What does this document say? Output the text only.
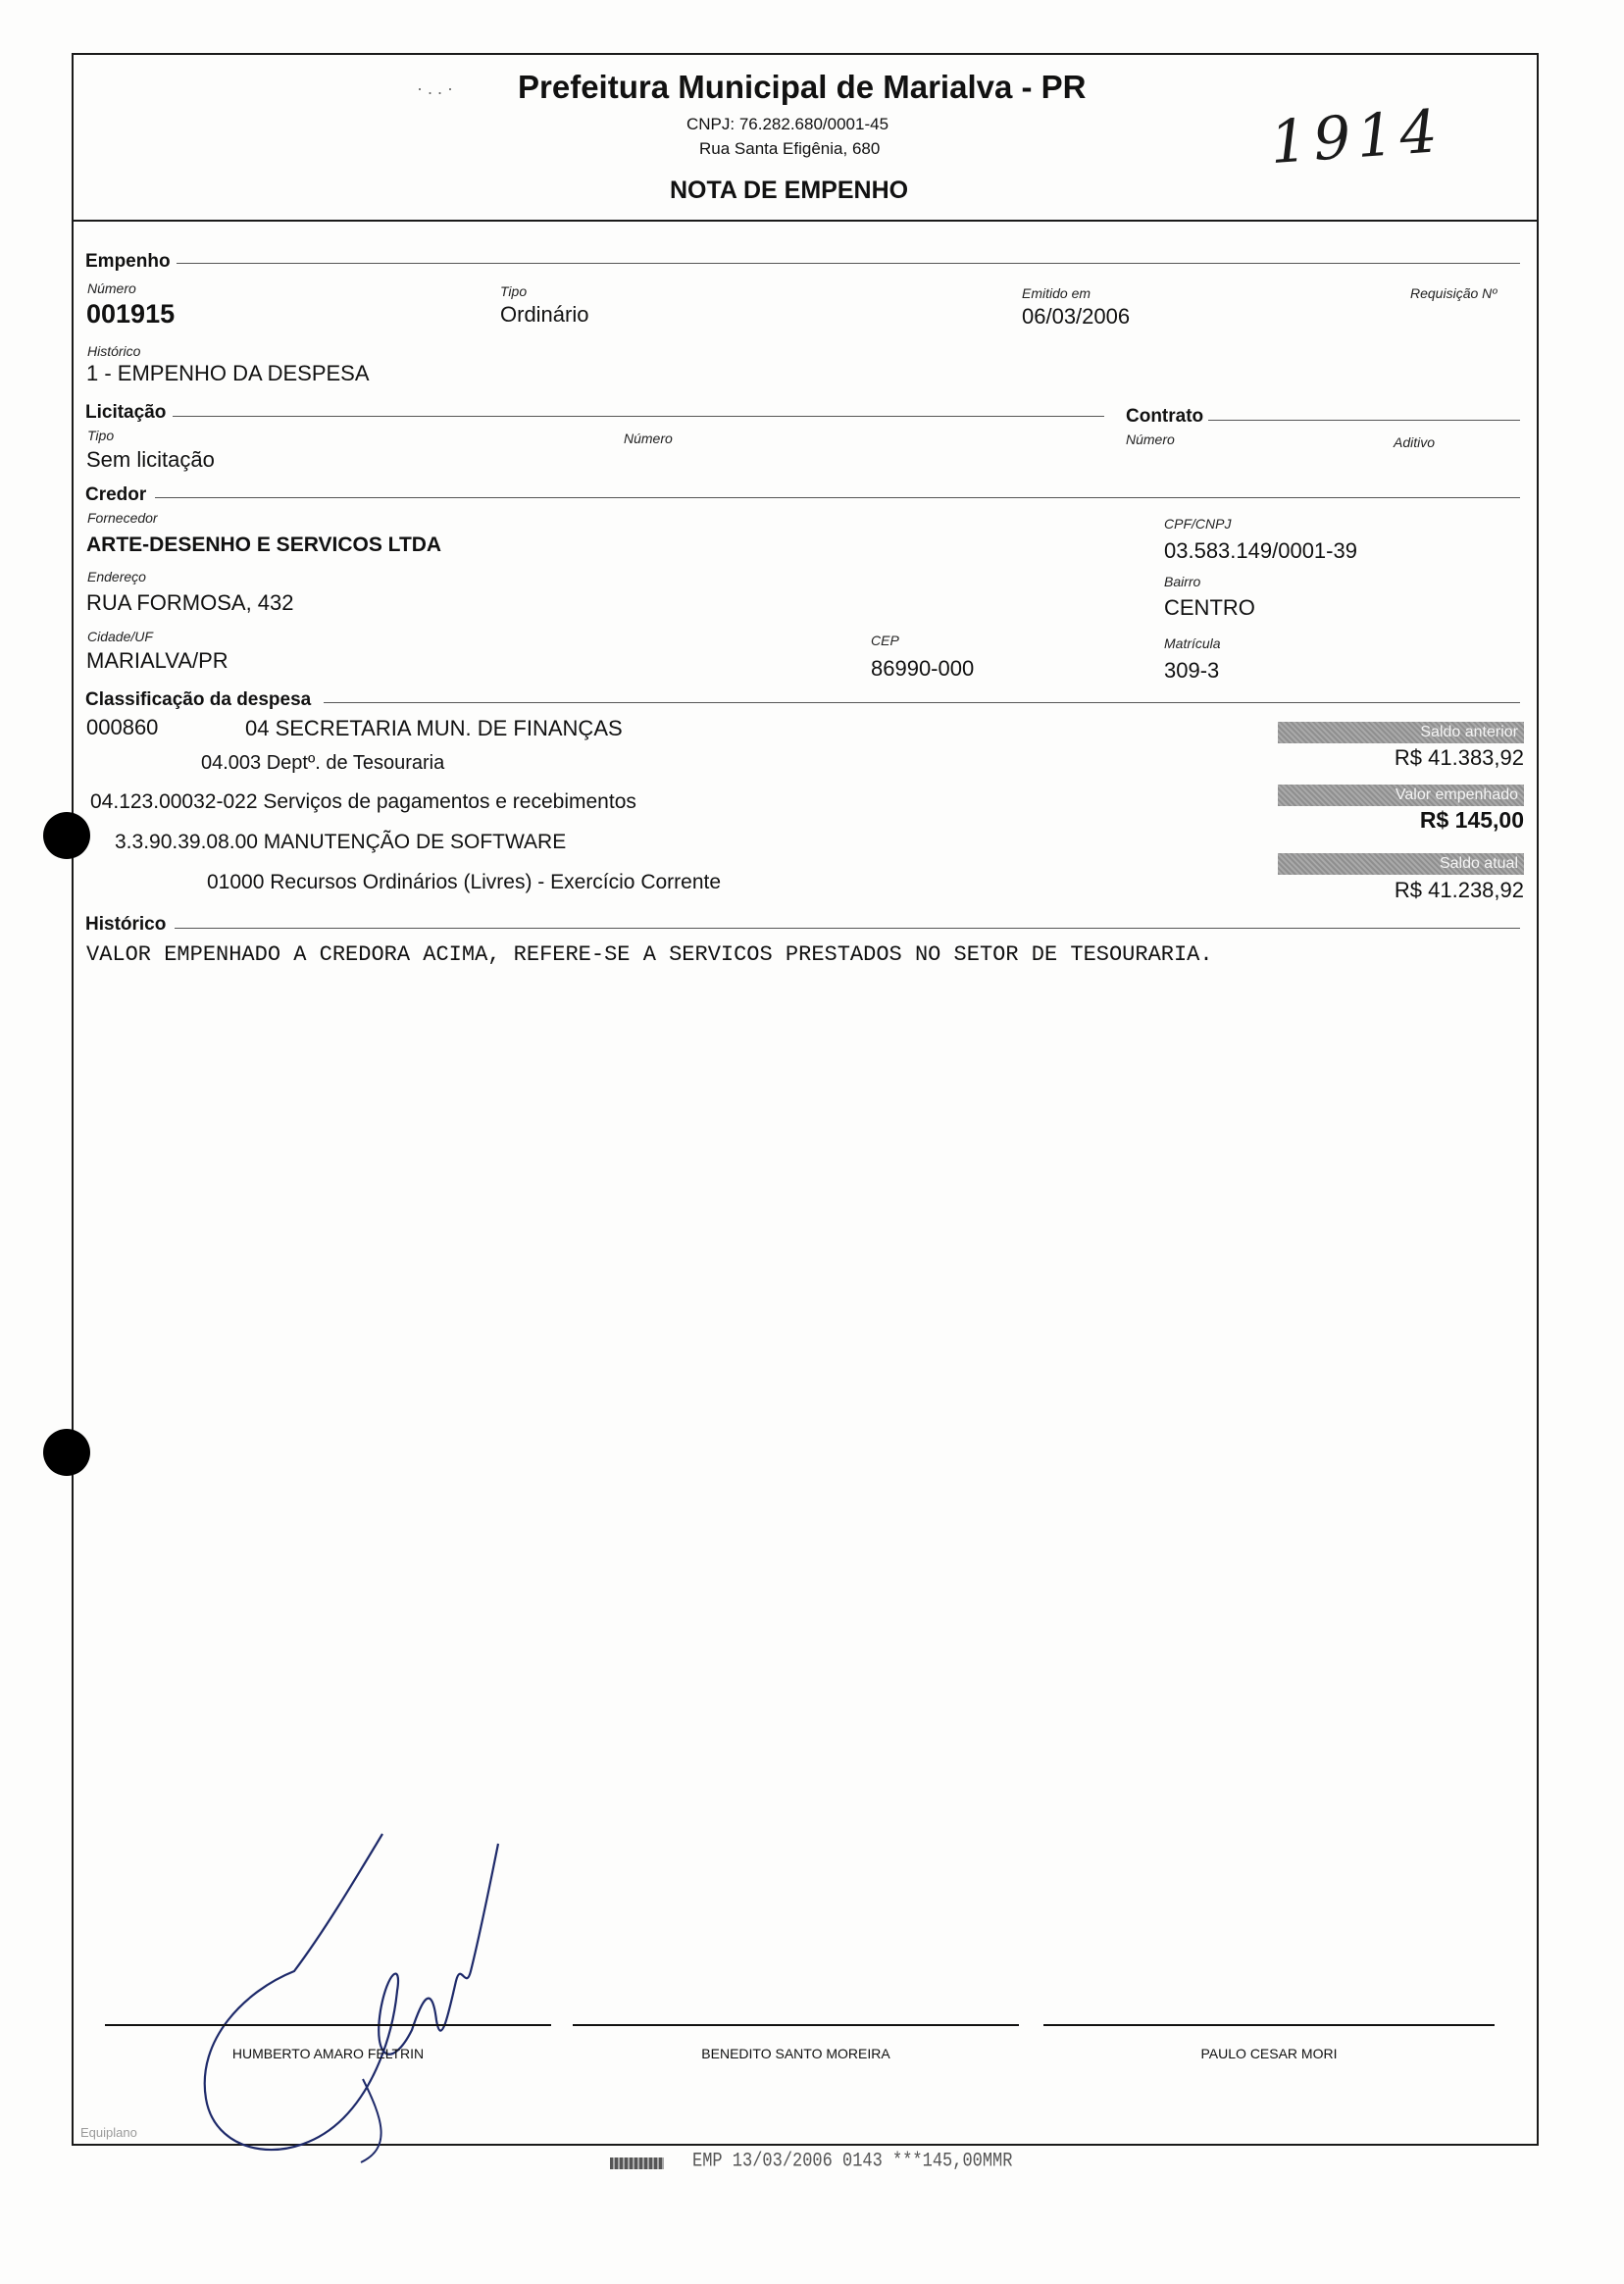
· . . · Prefeitura Municipal de Marialva - PR
CNPJ: 76.282.680/0001-45
Rua Santa Efigênia, 680
NOTA DE EMPENHO
1914
Empenho
Número
001915
Tipo
Ordinário
Emitido em
06/03/2006
Requisição Nº
Histórico
1 - EMPENHO DA DESPESA
Licitação
Tipo
Sem licitação
Número
Contrato
Número	Aditivo
Credor
Fornecedor
ARTE-DESENHO E SERVICOS LTDA
CPF/CNPJ
03.583.149/0001-39
Endereço
RUA FORMOSA, 432
Bairro
CENTRO
Cidade/UF
MARIALVA/PR
CEP
86990-000
Matrícula
309-3
Classificação da despesa
000860	04 SECRETARIA MUN. DE FINANÇAS
04.003 Deptº. de Tesouraria
04.123.00032-022 Serviços de pagamentos e recebimentos
3.3.90.39.08.00 MANUTENÇÃO DE SOFTWARE
01000 Recursos Ordinários (Livres) - Exercício Corrente
Saldo anterior
R$ 41.383,92
Valor empenhado
R$ 145,00
Saldo atual
R$ 41.238,92
Histórico
VALOR EMPENHADO A CREDORA ACIMA, REFERE-SE A SERVICOS PRESTADOS NO SETOR DE TESOURARIA.
HUMBERTO AMARO FELTRIN	BENEDITO SANTO MOREIRA	PAULO CESAR MORI
Equiplano
EMP 13/03/2006 0143 ***145,00MMR
